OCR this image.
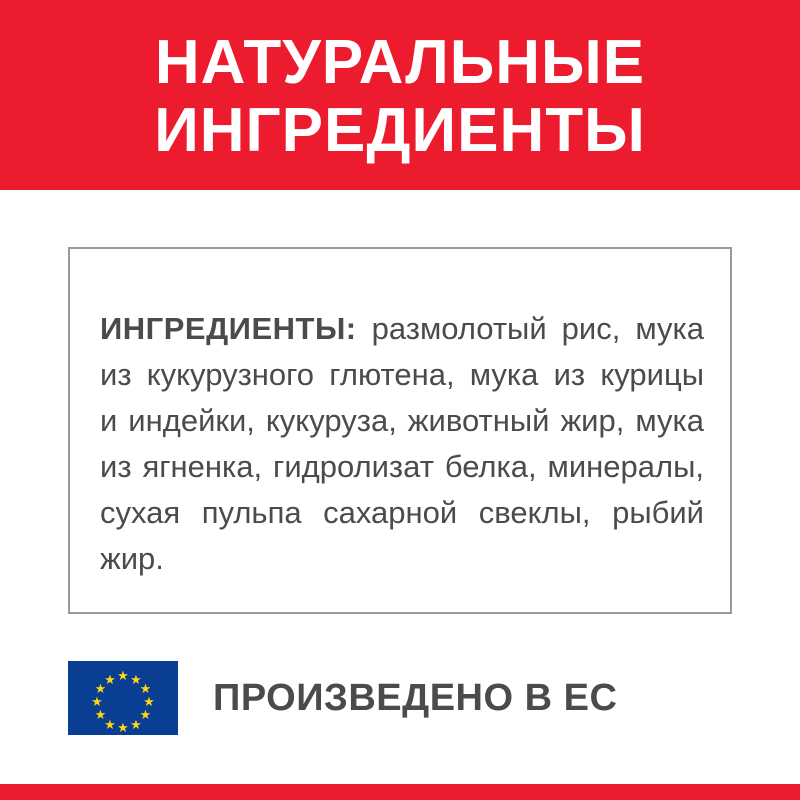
НАТУРАЛЬНЫЕ
ИНГРЕДИЕНТЫ

ИНГРЕДИЕНТЫ: размолотый рис, мука из кукурузного глютена, мука из курицы и индейки, кукуруза, животный жир, мука из ягненка, гидролизат белка, минералы, сухая пульпа сахарной свеклы, рыбий жир.

★ ★
★
★
★
★
★
★
★
★
★
★	ПРОИЗВЕДЕНО В ЕС
